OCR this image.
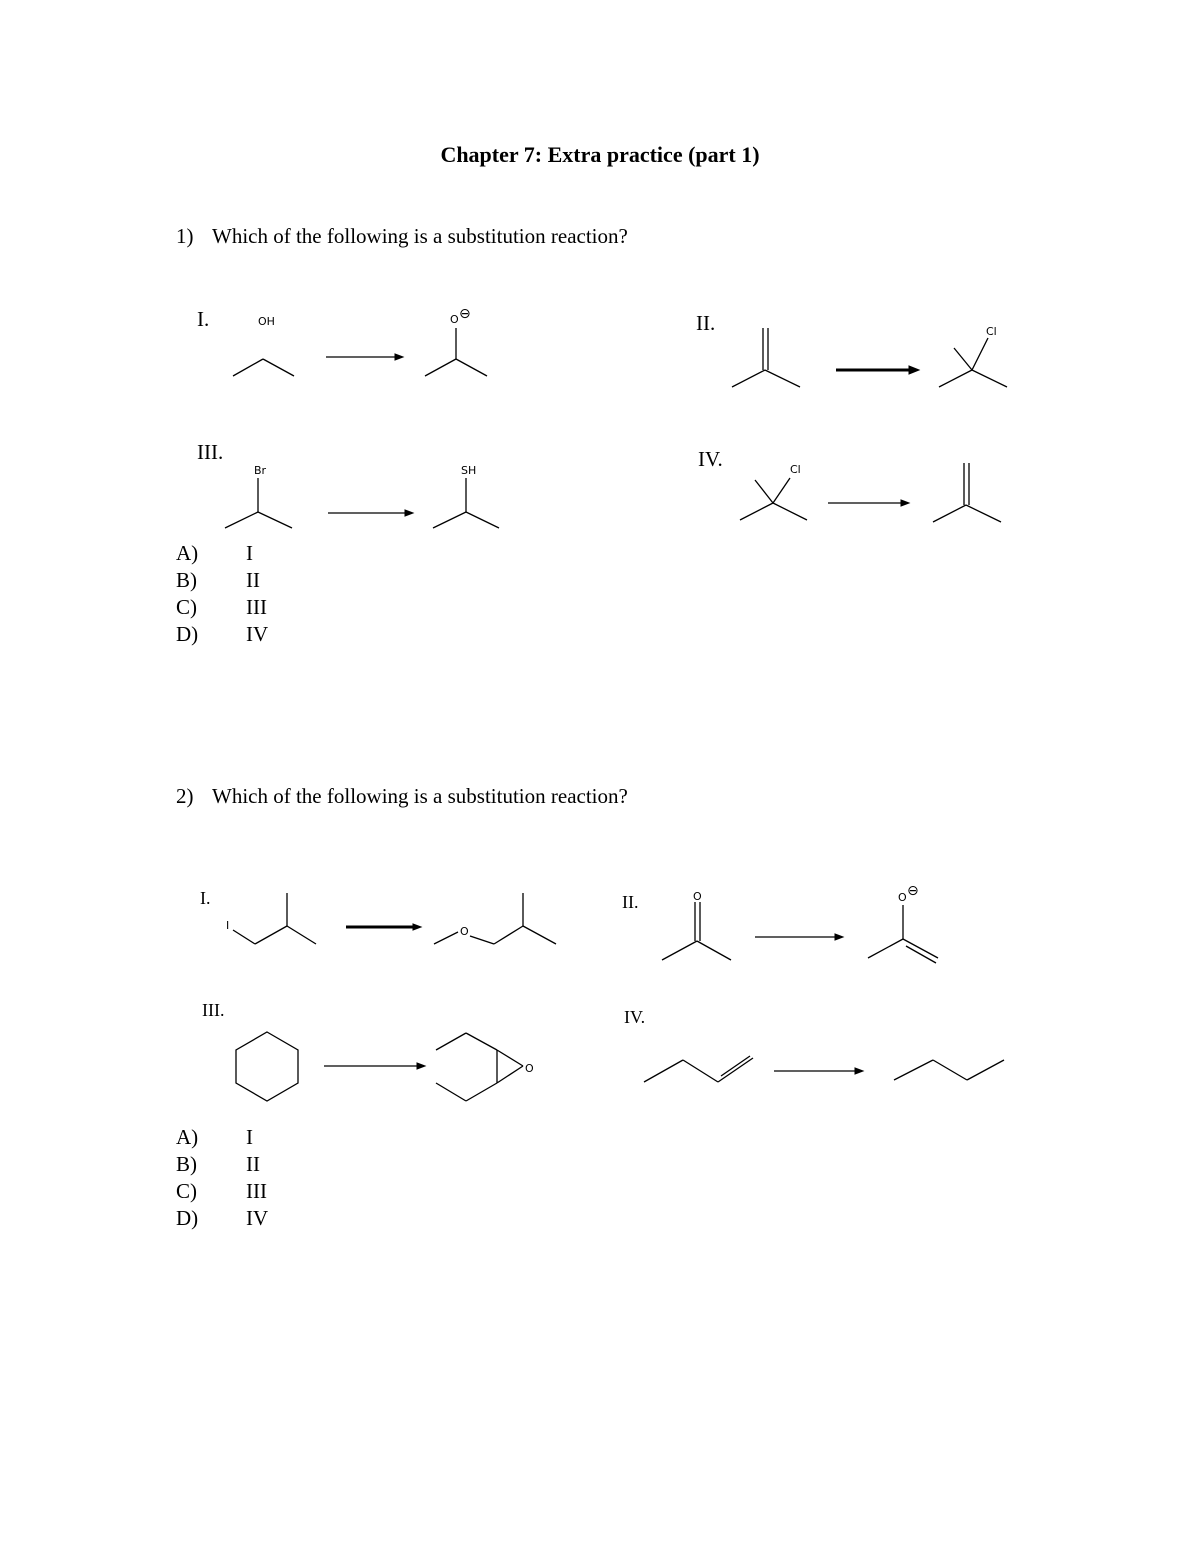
Chapter 7: Extra practice (part 1)
1) Which of the following is a substitution reaction?
I.	II.
III.	IV.
OH	O ⊖
Cl
Br	SH	Cl
A)	I
B)	II
C)	III
D)	IV
2) Which of the following is a substitution reaction?
I.	II.
III.	IV.
I	O
O	O ⊖
O
A)	I
B)	II
C)	III
D)	IV
